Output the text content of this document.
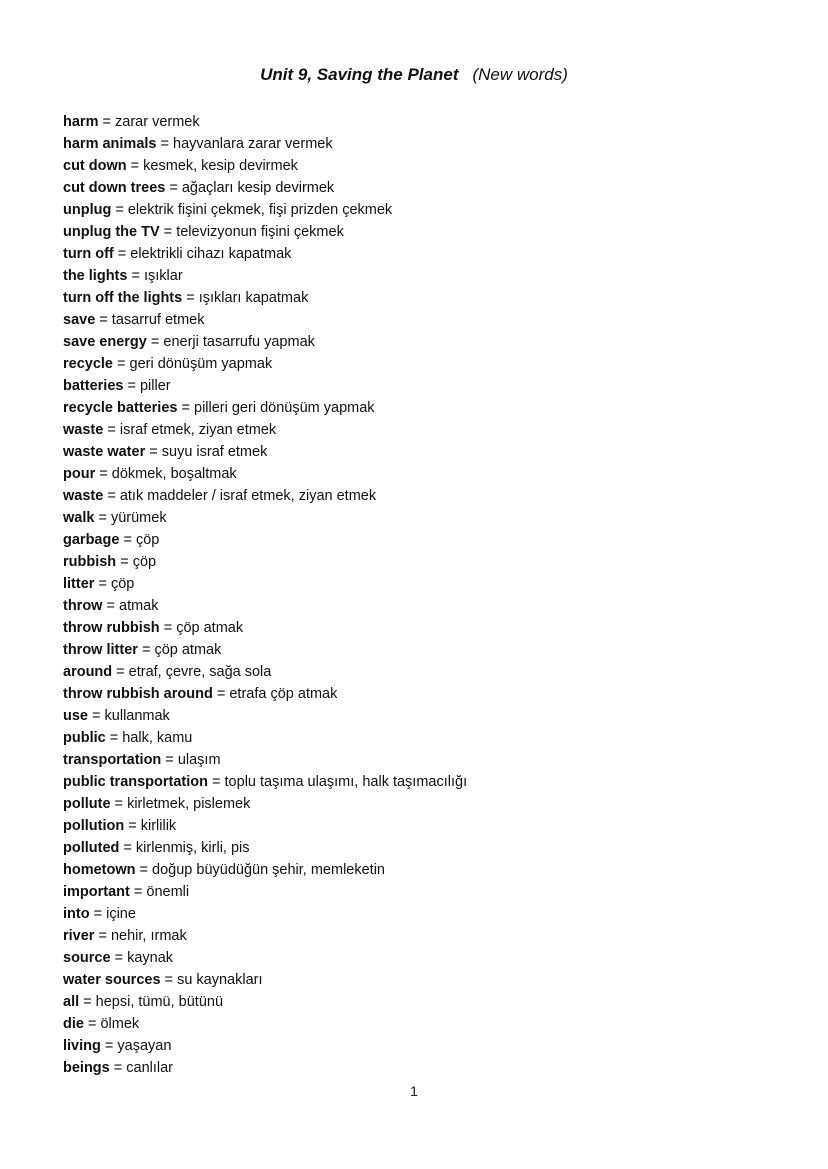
Unit 9, Saving the Planet (New words)
harm = zarar vermek
harm animals = hayvanlara zarar vermek
cut down = kesmek, kesip devirmek
cut down trees = ağaçları kesip devirmek
unplug = elektrik fişini çekmek, fişi prizden çekmek
unplug the TV = televizyonun fişini çekmek
turn off = elektrikli cihazı kapatmak
the lights = ışıklar
turn off the lights = ışıkları kapatmak
save = tasarruf etmek
save energy = enerji tasarrufu yapmak
recycle = geri dönüşüm yapmak
batteries = piller
recycle batteries = pilleri geri dönüşüm yapmak
waste = israf etmek, ziyan etmek
waste water = suyu israf etmek
pour = dökmek, boşaltmak
waste = atık maddeler / israf etmek, ziyan etmek
walk = yürümek
garbage = çöp
rubbish = çöp
litter = çöp
throw = atmak
throw rubbish = çöp atmak
throw litter = çöp atmak
around = etraf, çevre, sağa sola
throw rubbish around = etrafa çöp atmak
use = kullanmak
public = halk, kamu
transportation = ulaşım
public transportation = toplu taşıma ulaşımı, halk taşımacılığı
pollute = kirletmek, pislemek
pollution = kirlilik
polluted = kirlenmiş, kirli, pis
hometown = doğup büyüdüğün şehir, memleketin
important = önemli
into = içine
river = nehir, ırmak
source = kaynak
water sources = su kaynakları
all = hepsi, tümü, bütünü
die = ölmek
living = yaşayan
beings = canlılar
1
